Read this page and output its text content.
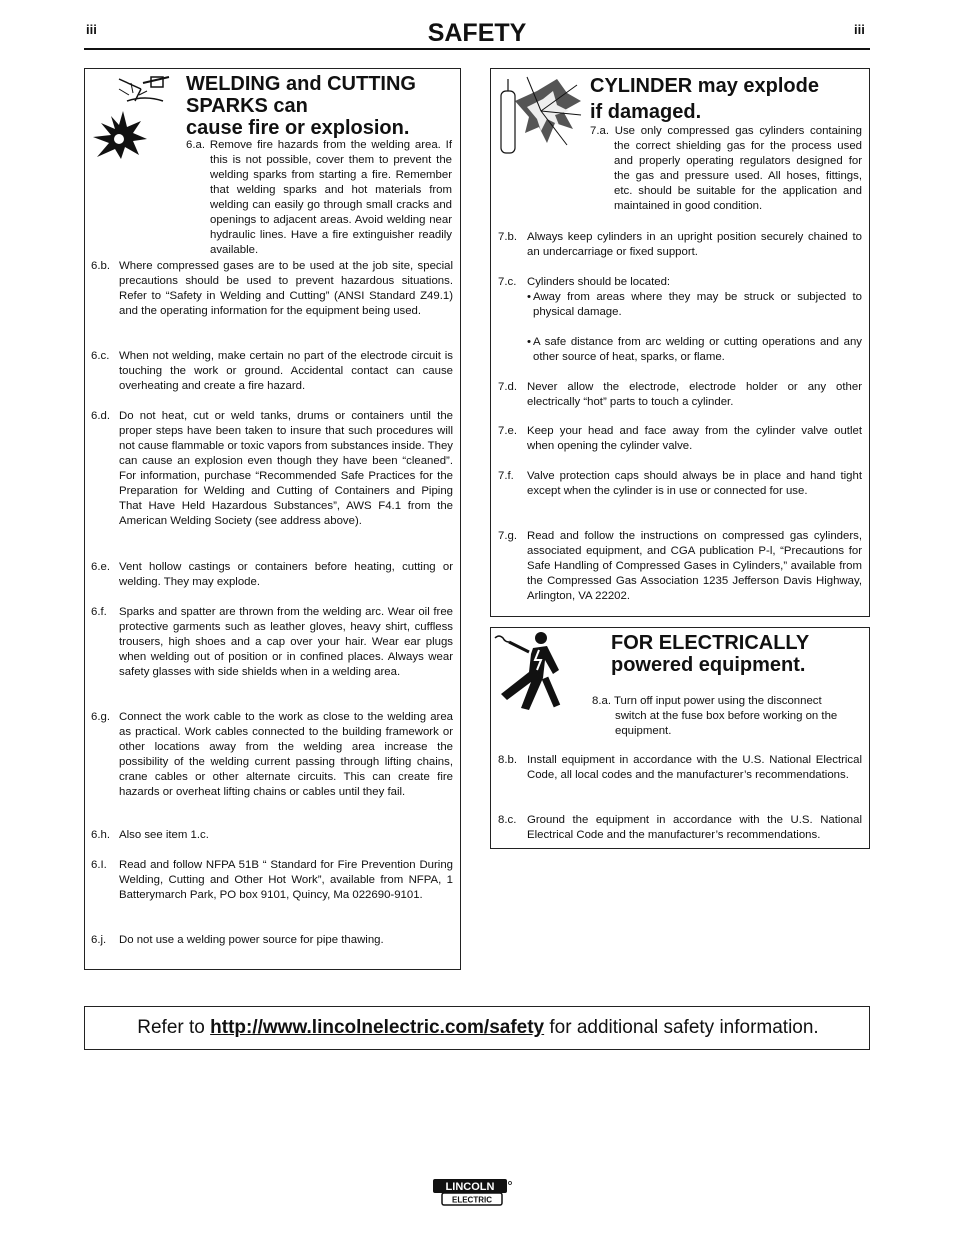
iii	SAFETY	iii
WELDING and CUTTING
SPARKS can
cause fire or explosion.
6.a. Remove fire hazards from the welding area. If this is not possible, cover them to prevent the welding sparks from starting a fire. Remember that welding sparks and hot materials from welding can easily go through small cracks and openings to adjacent areas. Avoid welding near hydraulic lines. Have a fire extinguisher readily available.
6.b. Where compressed gases are to be used at the job site, special precautions should be used to prevent hazardous situations. Refer to “Safety in Welding and Cutting” (ANSI Standard Z49.1) and the operating information for the equipment being used.
6.c. When not welding, make certain no part of the electrode circuit is touching the work or ground. Accidental contact can cause overheating and create a fire hazard.
6.d. Do not heat, cut or weld tanks, drums or containers until the proper steps have been taken to insure that such procedures will not cause flammable or toxic vapors from substances inside. They can cause an explosion even though they have been “cleaned”. For information, purchase “Recommended Safe Practices for the Preparation for Welding and Cutting of Containers and Piping That Have Held Hazardous Substances”, AWS F4.1 from the American Welding Society (see address above).
6.e. Vent hollow castings or containers before heating, cutting or welding. They may explode.
6.f. Sparks and spatter are thrown from the welding arc. Wear oil free protective garments such as leather gloves, heavy shirt, cuffless trousers, high shoes and a cap over your hair. Wear ear plugs when welding out of position or in confined places. Always wear safety glasses with side shields when in a welding area.
6.g. Connect the work cable to the work as close to the welding area as practical. Work cables connected to the building framework or other locations away from the welding area increase the possibility of the welding current passing through lifting chains, crane cables or other alternate circuits. This can create fire hazards or overheat lifting chains or cables until they fail.
6.h. Also see item 1.c.
6.I. Read and follow NFPA 51B “ Standard for Fire Prevention During Welding, Cutting and Other Hot Work”, available from NFPA, 1 Batterymarch Park, PO box 9101, Quincy, Ma 022690-9101.
6.j. Do not use a welding power source for pipe thawing.
CYLINDER may explode
if damaged.
7.a. Use only compressed gas cylinders containing the correct shielding gas for the process used and properly operating regulators designed for the gas and pressure used. All hoses, fittings, etc. should be suitable for the application and maintained in good condition.
7.b. Always keep cylinders in an upright position securely chained to an undercarriage or fixed support.
7.c. Cylinders should be located:
• Away from areas where they may be struck or subjected to physical damage.
• A safe distance from arc welding or cutting operations and any other source of heat, sparks, or flame.
7.d. Never allow the electrode, electrode holder or any other electrically “hot” parts to touch a cylinder.
7.e. Keep your head and face away from the cylinder valve outlet when opening the cylinder valve.
7.f. Valve protection caps should always be in place and hand tight except when the cylinder is in use or connected for use.
7.g. Read and follow the instructions on compressed gas cylinders, associated equipment, and CGA publication P-l, “Precautions for Safe Handling of Compressed Gases in Cylinders,” available from the Compressed Gas Association 1235 Jefferson Davis Highway, Arlington, VA 22202.
FOR ELECTRICALLY
powered equipment.
8.a. Turn off input power using the disconnect switch at the fuse box before working on the equipment.
8.b. Install equipment in accordance with the U.S. National Electrical Code, all local codes and the manufacturer’s recommendations.
8.c. Ground the equipment in accordance with the U.S. National Electrical Code and the manufacturer’s recommendations.
Refer to http://www.lincolnelectric.com/safety for additional safety information.
LINCOLN
ELECTRIC
